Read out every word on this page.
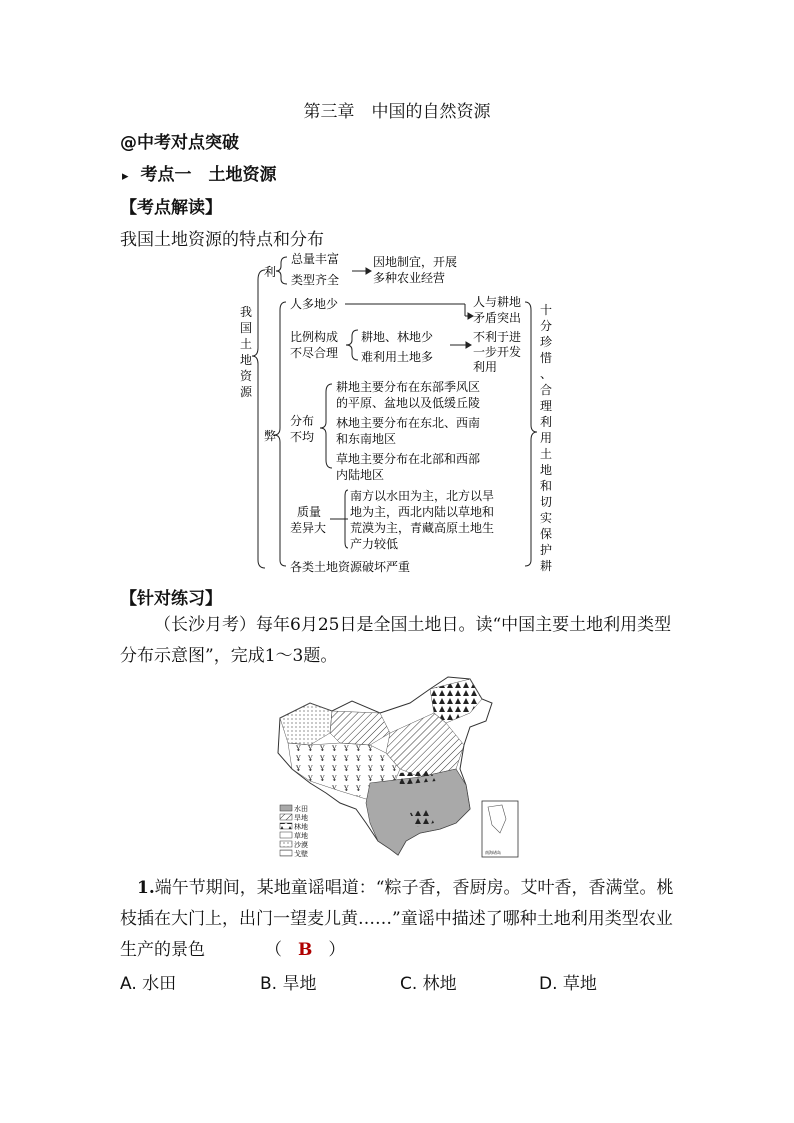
第三章　中国的自然资源
@中考对点突破
▸ 考点一　土地资源
【考点解读】
我国土地资源的特点和分布
我
国
土
地
资
源
利
总量丰富
类型齐全
因地制宜，开展
多种农业经营
弊
人多地少	人与耕地
矛盾突出
比例构成
不尽合理
耕地、林地少
难利用土地多
不利于进
一步开发
利用
分布
不均
耕地主要分布在东部季风区
的平原、盆地以及低缓丘陵
林地主要分布在东北、西南
和东南地区
草地主要分布在北部和西部
内陆地区
质量
差异大
南方以水田为主，北方以旱
地为主，西北内陆以草地和
荒漠为主，青藏高原土地生
产力较低
各类土地资源破坏严重
十
分
珍
惜
、
合
理
利
用
土
地
和
切
实
保
护
耕
【针对练习】
（长沙月考）每年6月25日是全国土地日。读“中国主要土地利用类型分布示意图”，完成1～3题。
水田
旱地
林地
草地
沙漠
戈壁	南海诸岛
1.端午节期间，某地童谣唱道：“粽子香，香厨房。艾叶香，香满堂。桃枝插在大门上，出门一望麦儿黄……”童谣中描述了哪种土地利用类型农业生产的景色	（ B ）
A. 水田	B. 旱地	C. 林地	D. 草地
